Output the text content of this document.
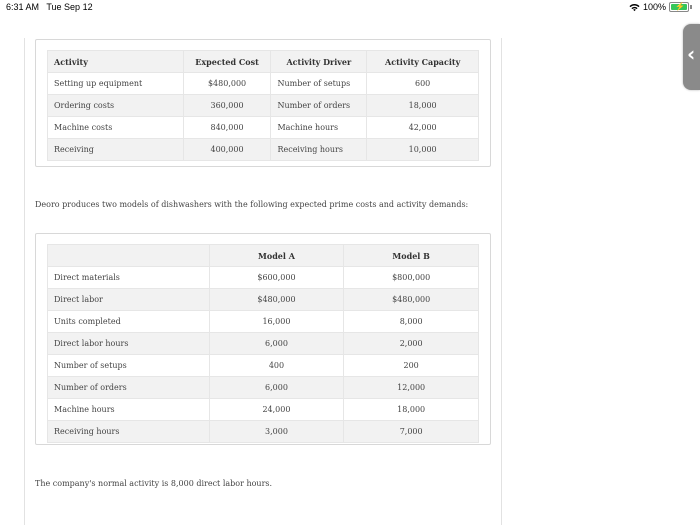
6:31 AM Tue Sep 12	100% ⚡
Activity	Expected Cost	Activity Driver	Activity Capacity
Setting up equipment	$480,000	Number of setups	600
Ordering costs	360,000	Number of orders	18,000
Machine costs	840,000	Machine hours	42,000
Receiving	400,000	Receiving hours	10,000
Deoro produces two models of dishwashers with the following expected prime costs and activity demands:
	Model A	Model B
Direct materials	$600,000	$800,000
Direct labor	$480,000	$480,000
Units completed	16,000	8,000
Direct labor hours	6,000	2,000
Number of setups	400	200
Number of orders	6,000	12,000
Machine hours	24,000	18,000
Receiving hours	3,000	7,000
The company's normal activity is 8,000 direct labor hours.
‹
